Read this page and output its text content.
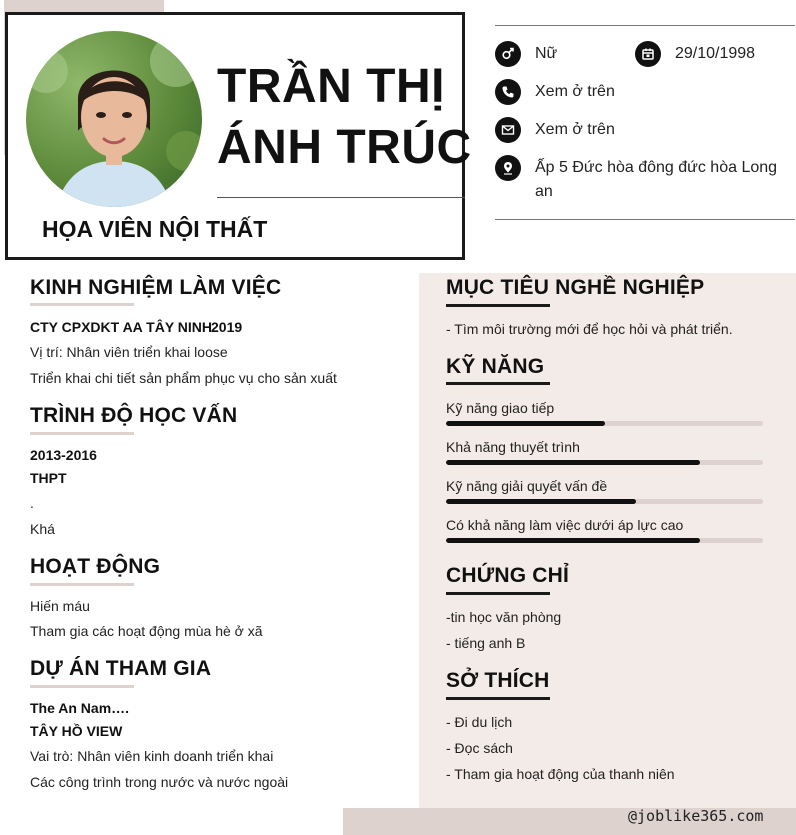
TRẦN THỊ
ÁNH TRÚC
HỌA VIÊN NỘI THẤT
Nữ	29/10/1998
Xem ở trên
Xem ở trên
Ấp 5 Đức hòa đông đức hòa Long
an
KINH NGHIỆM LÀM VIỆC
CTY CPXDKT AA TÂY NINH
2019
Vị trí: Nhân viên triển khai loose
Triển khai chi tiết sản phẩm phục vụ cho sản xuất
TRÌNH ĐỘ HỌC VẤN
2013-2016
THPT
.
Khá
HOẠT ĐỘNG
Hiến máu
Tham gia các hoạt động mùa hè ở xã
DỰ ÁN THAM GIA
The An Nam….
TÂY HỒ VIEW
Vai trò: Nhân viên kinh doanh triển khai
Các công trình trong nước và nước ngoài
MỤC TIÊU NGHỀ NGHIỆP
- Tìm môi trường mới để học hỏi và phát triển.
KỸ NĂNG
Kỹ năng giao tiếp
Khả năng thuyết trình
Kỹ năng giải quyết vấn đề
Có khả năng làm việc dưới áp lực cao
CHỨNG CHỈ
-tin học văn phòng
- tiếng anh B
SỞ THÍCH
- Đi du lịch
- Đọc sách
- Tham gia hoạt động của thanh niên
@joblike365.com
